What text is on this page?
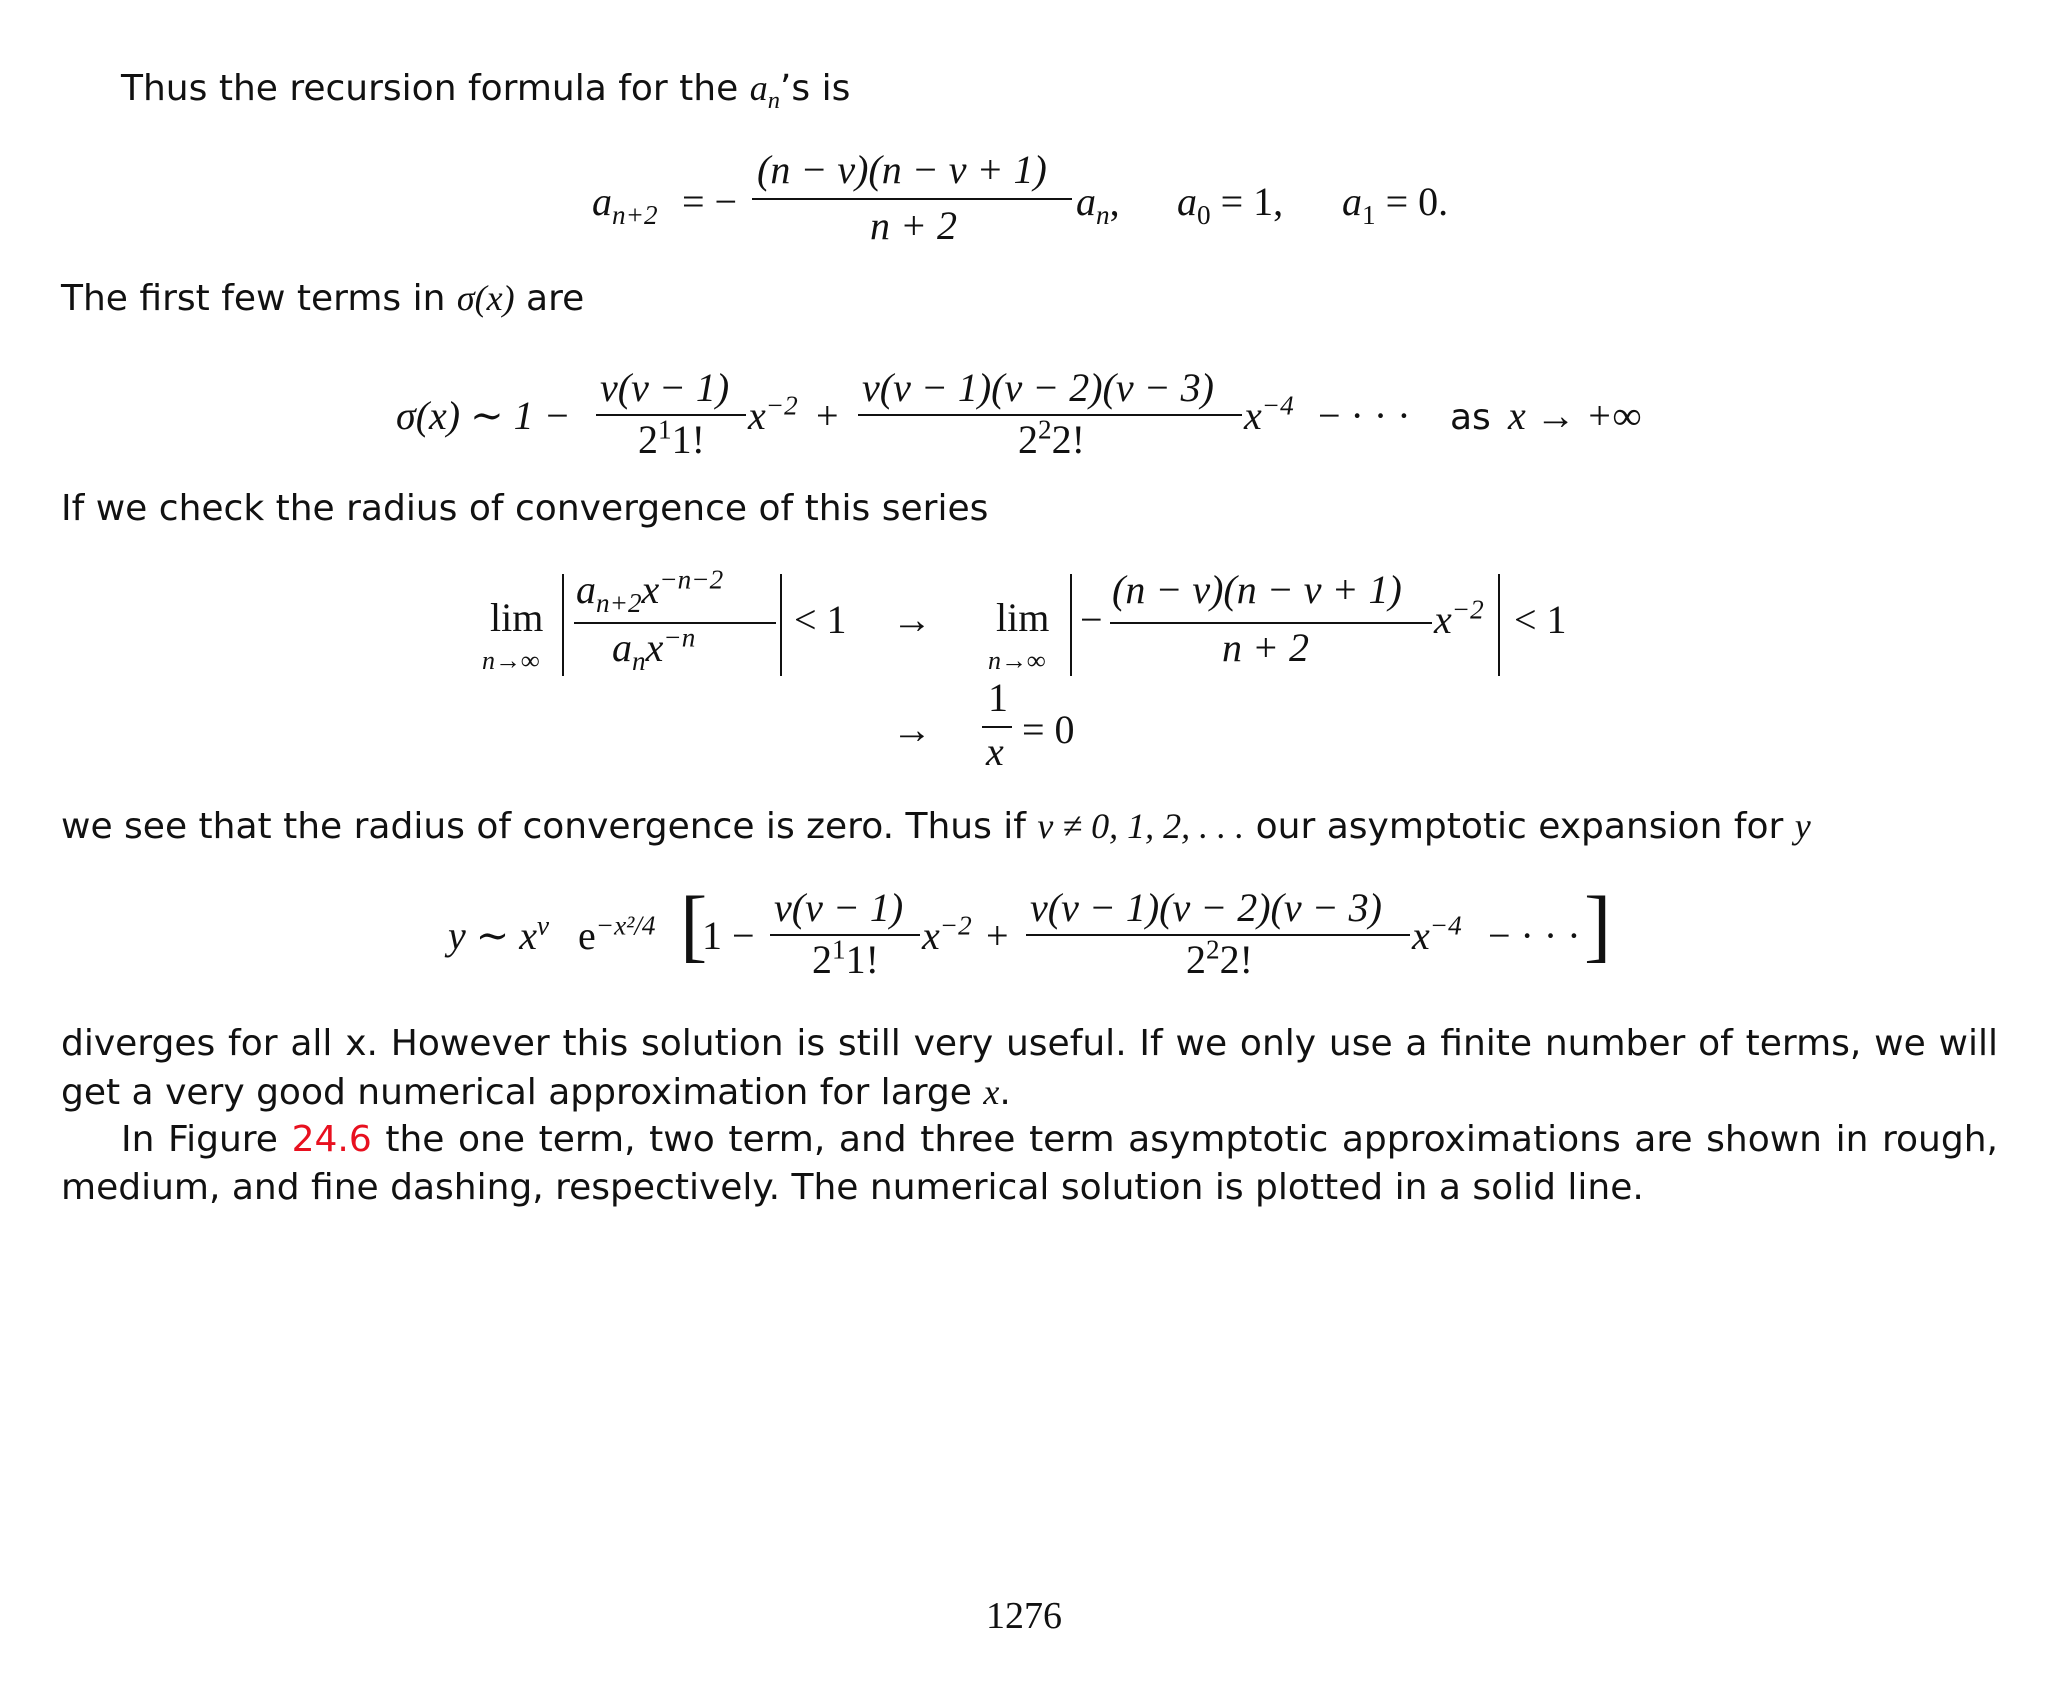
Thus the recursion formula for the $a_n’s$ is
$a_{n+2}$ = −
(n − ν)(n − ν + 1)
n + 2
$a_n$, $a_0 = 1$, $a_1 = 0$.
The first few terms in σ(x) are
σ(x) ∼ 1 −
ν(ν − 1)
$2^11$!
$x^{-2}$ +
ν(ν − 1)(ν − 2)(ν − 3)
$2^22$!
$x^{-4}$ − · · · as x → +∞
If we check the radius of convergence of this series
lim
n→∞
$a_{n+2}x^{-n-2}$
$a_nx^{-n} < 1 \to \lim$
n→∞
−
(n − ν)(n − ν + 1)
n + 2
$x^{-2} < 1$
→
1
x = 0
we see that the radius of convergence is zero. Thus if ν ≠ 0, 1, 2, . . . our asymptotic expansion for y
y ∼ $x^\nu$ $e^{-x^2/4}$ [
1 −
ν(ν − 1)
$2^11$!
$x^{-2}$ +
ν(ν − 1)(ν − 2)(ν − 3)
$2^22$!
$x^{-4}$ − · · · ]
diverges for all x. However this solution is still very useful. If we only use a finite number of terms, we will get a very good numerical approximation for large x.
In Figure 24.6 the one term, two term, and three term asymptotic approximations are shown in rough, medium, and fine dashing, respectively. The numerical solution is plotted in a solid line.
1276
